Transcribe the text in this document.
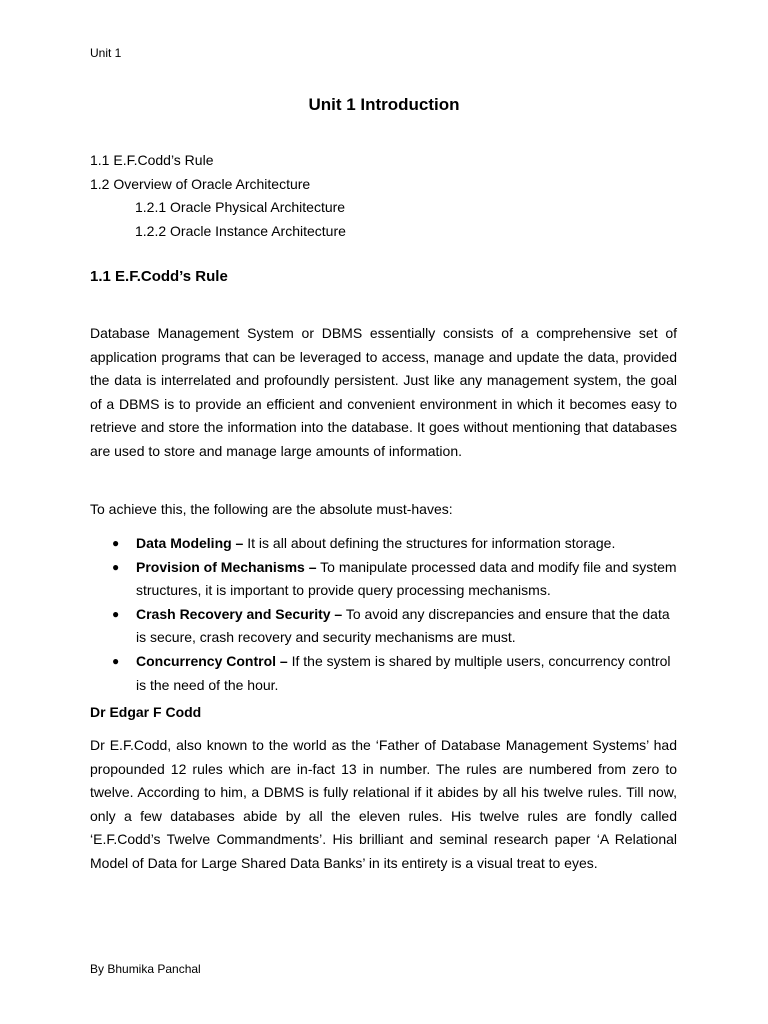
Unit 1
Unit 1 Introduction
1.1 E.F.Codd’s Rule
1.2 Overview of Oracle Architecture
1.2.1 Oracle Physical Architecture
1.2.2 Oracle Instance Architecture
1.1 E.F.Codd’s Rule
Database Management System or DBMS essentially consists of a comprehensive set of application programs that can be leveraged to access, manage and update the data, provided the data is interrelated and profoundly persistent. Just like any management system, the goal of a DBMS is to provide an efficient and convenient environment in which it becomes easy to retrieve and store the information into the database. It goes without mentioning that databases are used to store and manage large amounts of information.
To achieve this, the following are the absolute must-haves:
● Data Modeling – It is all about defining the structures for information storage.
● Provision of Mechanisms – To manipulate processed data and modify file and system structures, it is important to provide query processing mechanisms.
● Crash Recovery and Security – To avoid any discrepancies and ensure that the data is secure, crash recovery and security mechanisms are must.
● Concurrency Control – If the system is shared by multiple users, concurrency control is the need of the hour.
Dr Edgar F Codd
Dr E.F.Codd, also known to the world as the ‘Father of Database Management Systems’ had propounded 12 rules which are in-fact 13 in number. The rules are numbered from zero to twelve. According to him, a DBMS is fully relational if it abides by all his twelve rules. Till now, only a few databases abide by all the eleven rules. His twelve rules are fondly called ‘E.F.Codd’s Twelve Commandments’. His brilliant and seminal research paper ‘A Relational Model of Data for Large Shared Data Banks’ in its entirety is a visual treat to eyes.
By Bhumika Panchal
